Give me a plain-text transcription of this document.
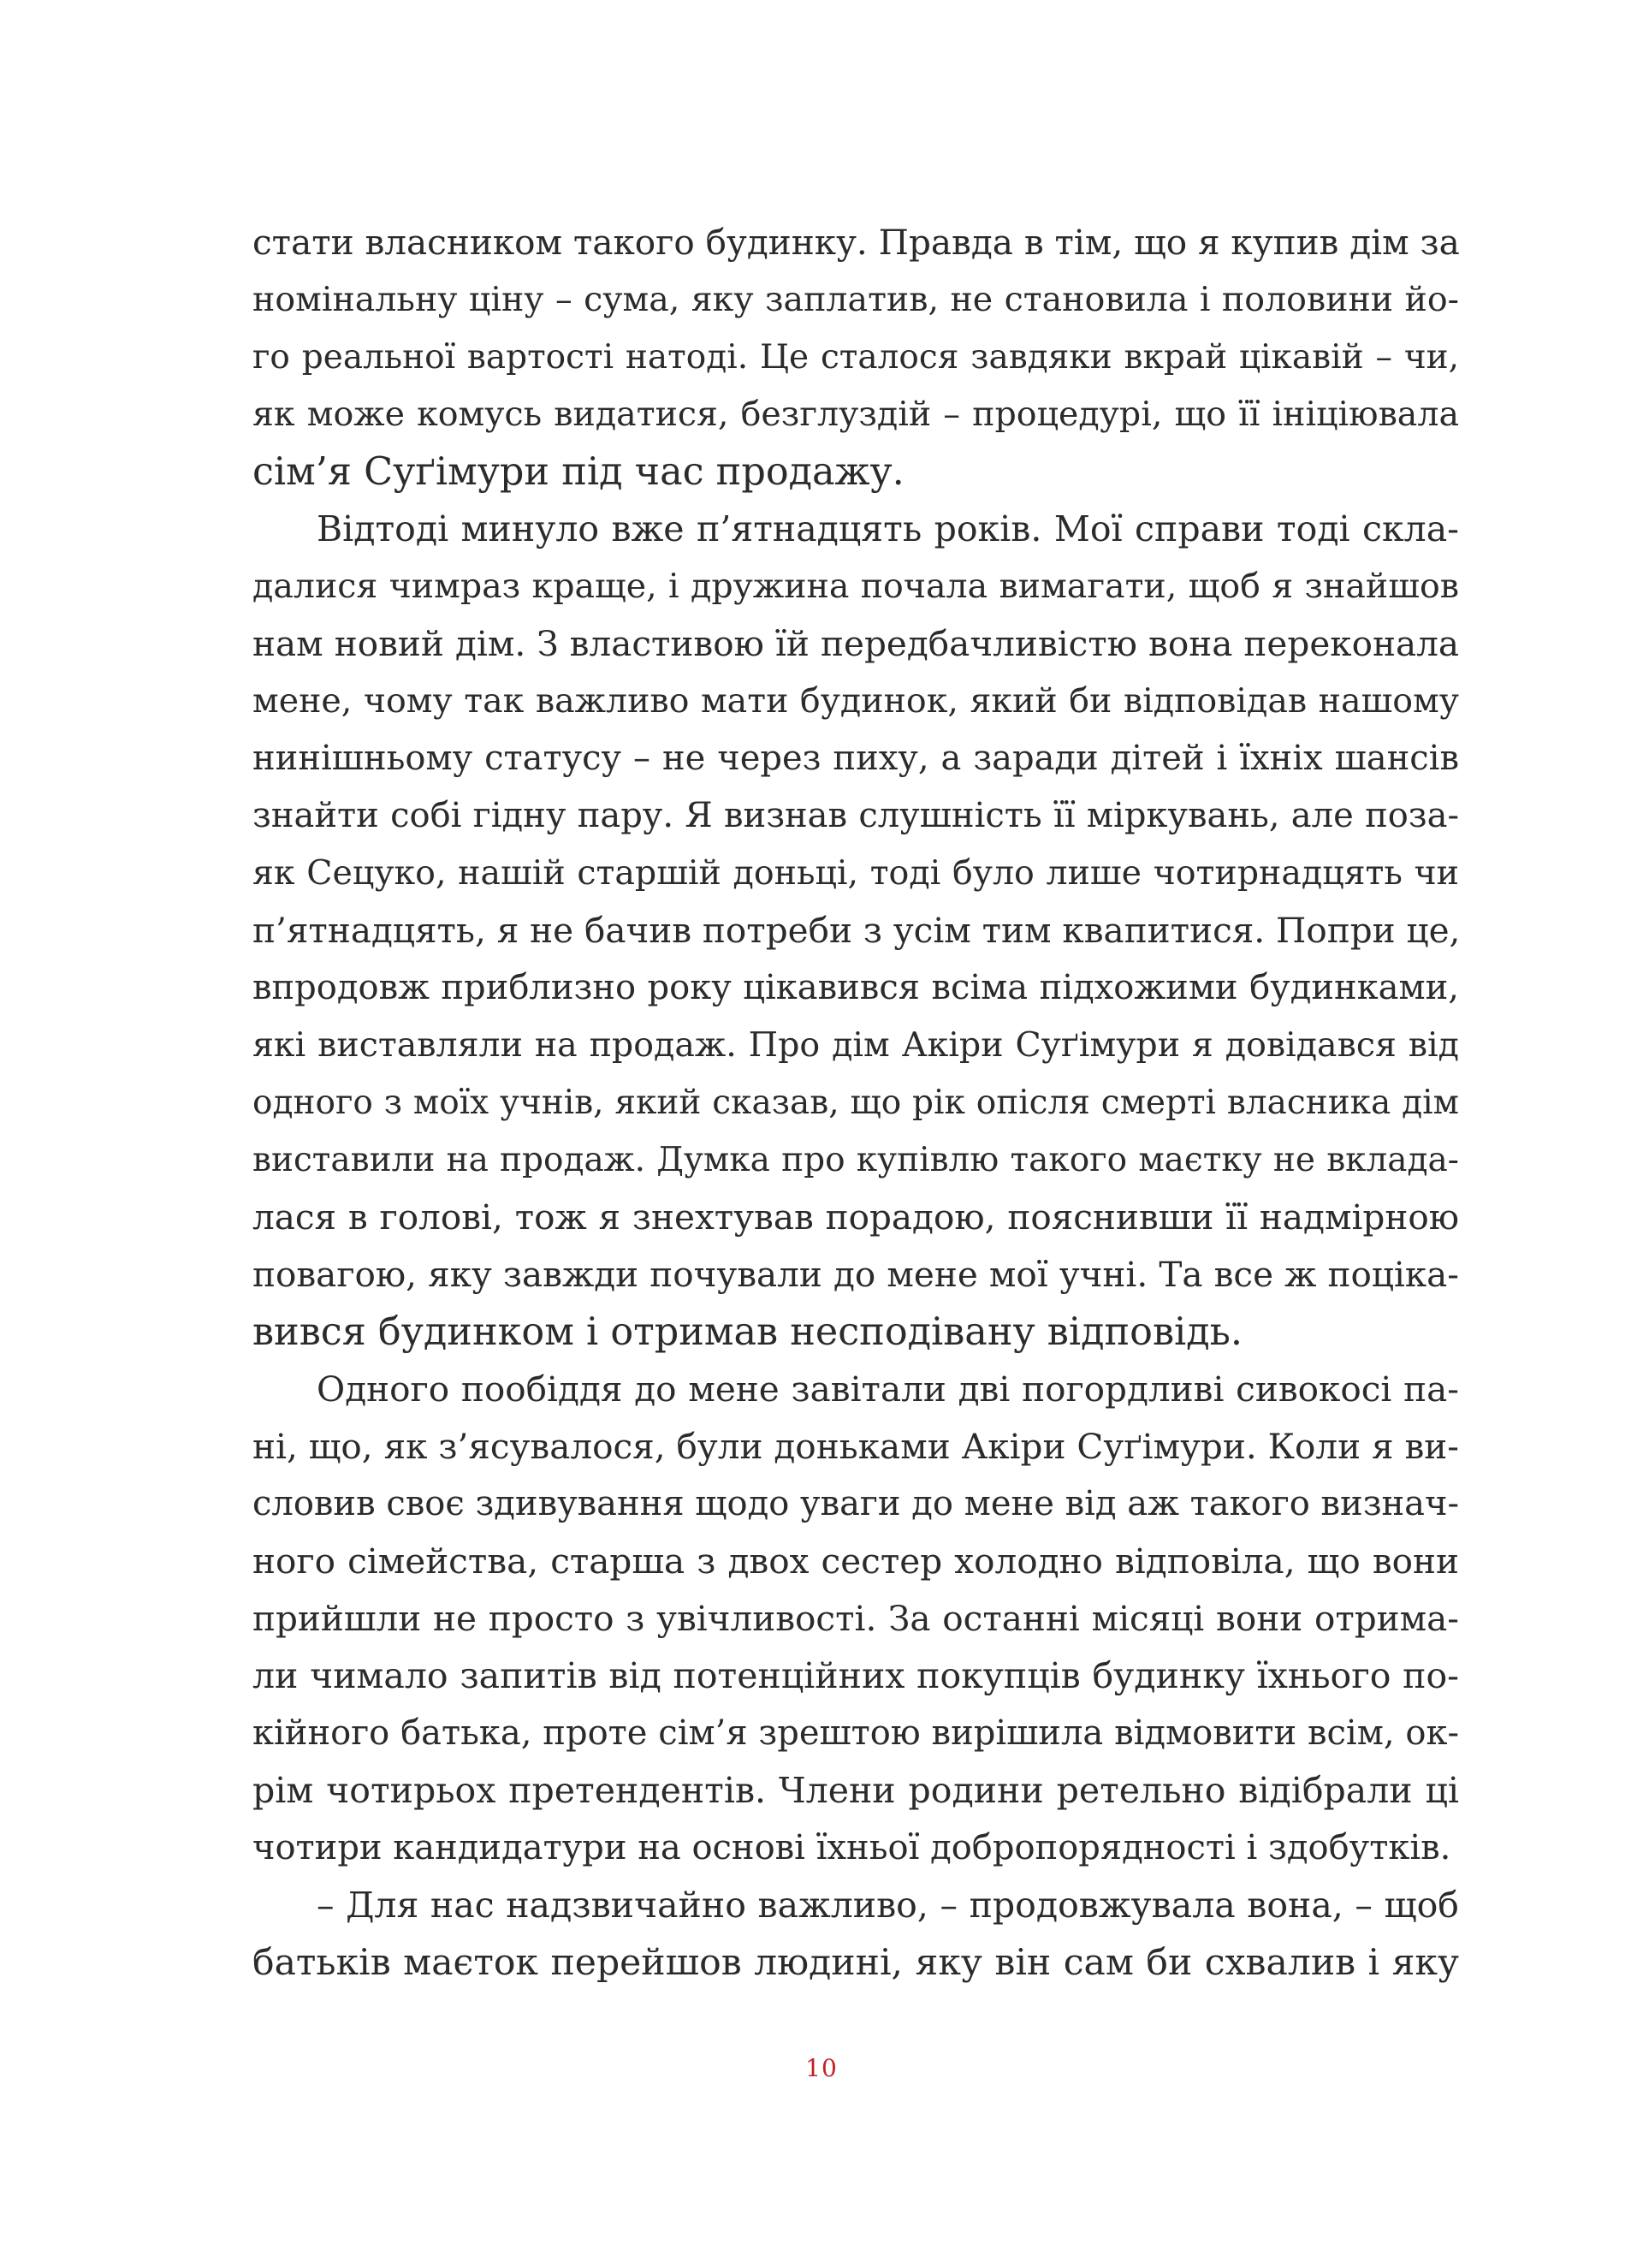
стати власником такого будинку. Правда в тім, що я купив дім за
номінальну ціну – сума, яку заплатив, не становила і половини йо-
го реальної вартості натоді. Це сталося завдяки вкрай цікавій – чи,
як може комусь видатися, безглуздій – процедурі, що її ініціювала
сім’я Суґімури під час продажу.
Відтоді минуло вже п’ятнадцять років. Мої справи тоді скла-
далися чимраз краще, і дружина почала вимагати, щоб я знайшов
нам новий дім. З властивою їй передбачливістю вона переконала
мене, чому так важливо мати будинок, який би відповідав нашому
нинішньому статусу – не через пиху, а заради дітей і їхніх шансів
знайти собі гідну пару. Я визнав слушність її міркувань, але поза-
як Сецуко, нашій старшій доньці, тоді було лише чотирнадцять чи
п’ятнадцять, я не бачив потреби з усім тим квапитися. Попри це,
впродовж приблизно року цікавився всіма підхожими будинками,
які виставляли на продаж. Про дім Акіри Суґімури я довідався від
одного з моїх учнів, який сказав, що рік опісля смерті власника дім
виставили на продаж. Думка про купівлю такого маєтку не вклада-
лася в голові, тож я знехтував порадою, пояснивши її надмірною
повагою, яку завжди почували до мене мої учні. Та все ж поціка-
вився будинком і отримав несподівану відповідь.
Одного пообіддя до мене завітали дві погордливі сивокосі па-
ні, що, як з’ясувалося, були доньками Акіри Суґімури. Коли я ви-
словив своє здивування щодо уваги до мене від аж такого визнач-
ного сімейства, старша з двох сестер холодно відповіла, що вони
прийшли не просто з увічливості. За останні місяці вони отрима-
ли чимало запитів від потенційних покупців будинку їхнього по-
кійного батька, проте сім’я зрештою вирішила відмовити всім, ок-
рім чотирьох претендентів. Члени родини ретельно відібрали ці
чотири кандидатури на основі їхньої добропорядності і здобутків.
– Для нас надзвичайно важливо, – продовжувала вона, – щоб
батьків маєток перейшов людині, яку він сам би схвалив і яку
10
